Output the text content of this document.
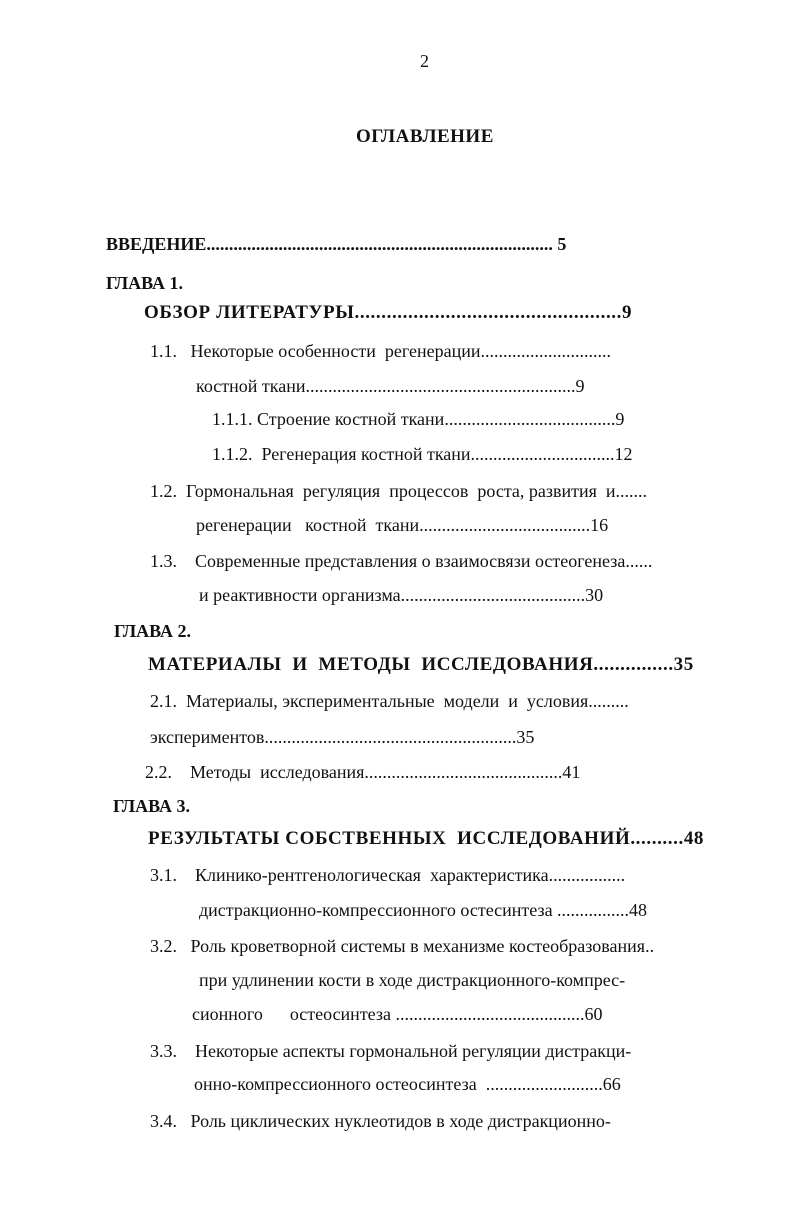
2
ОГЛАВЛЕНИЕ
ВВЕДЕНИЕ............................................................................. 5
ГЛАВА 1.
ОБЗОР ЛИТЕРАТУРЫ..................................................9
1.1.   Некоторые особенности  регенерации.............................
костной ткани............................................................9
1.1.1. Строение костной ткани......................................9
1.1.2.  Регенерация костной ткани................................12
1.2.  Гормональная  регуляция  процессов  роста, развития  и.......
регенерации   костной  ткани......................................16
1.3.    Современные представления о взаимосвязи остеогенеза......
и реактивности организма.........................................30
ГЛАВА 2.
МАТЕРИАЛЫ  И  МЕТОДЫ  ИССЛЕДОВАНИЯ...............35
2.1.  Материалы, экспериментальные  модели  и  условия.........
экспериментов........................................................35
2.2.    Методы  исследования............................................41
ГЛАВА 3.
РЕЗУЛЬТАТЫ СОБСТВЕННЫХ  ИССЛЕДОВАНИЙ..........48
3.1.    Клинико-рентгенологическая  характеристика.................
дистракционно-компрессионного остесинтеза ................48
3.2.   Роль кроветворной системы в механизме костеобразования..
при удлинении кости в ходе дистракционного-компрес-
сионного      остеосинтеза ..........................................60
3.3.    Некоторые аспекты гормональной регуляции дистракци-
онно-компрессионного остеосинтеза  ..........................66
3.4.   Роль циклических нуклеотидов в ходе дистракционно-
